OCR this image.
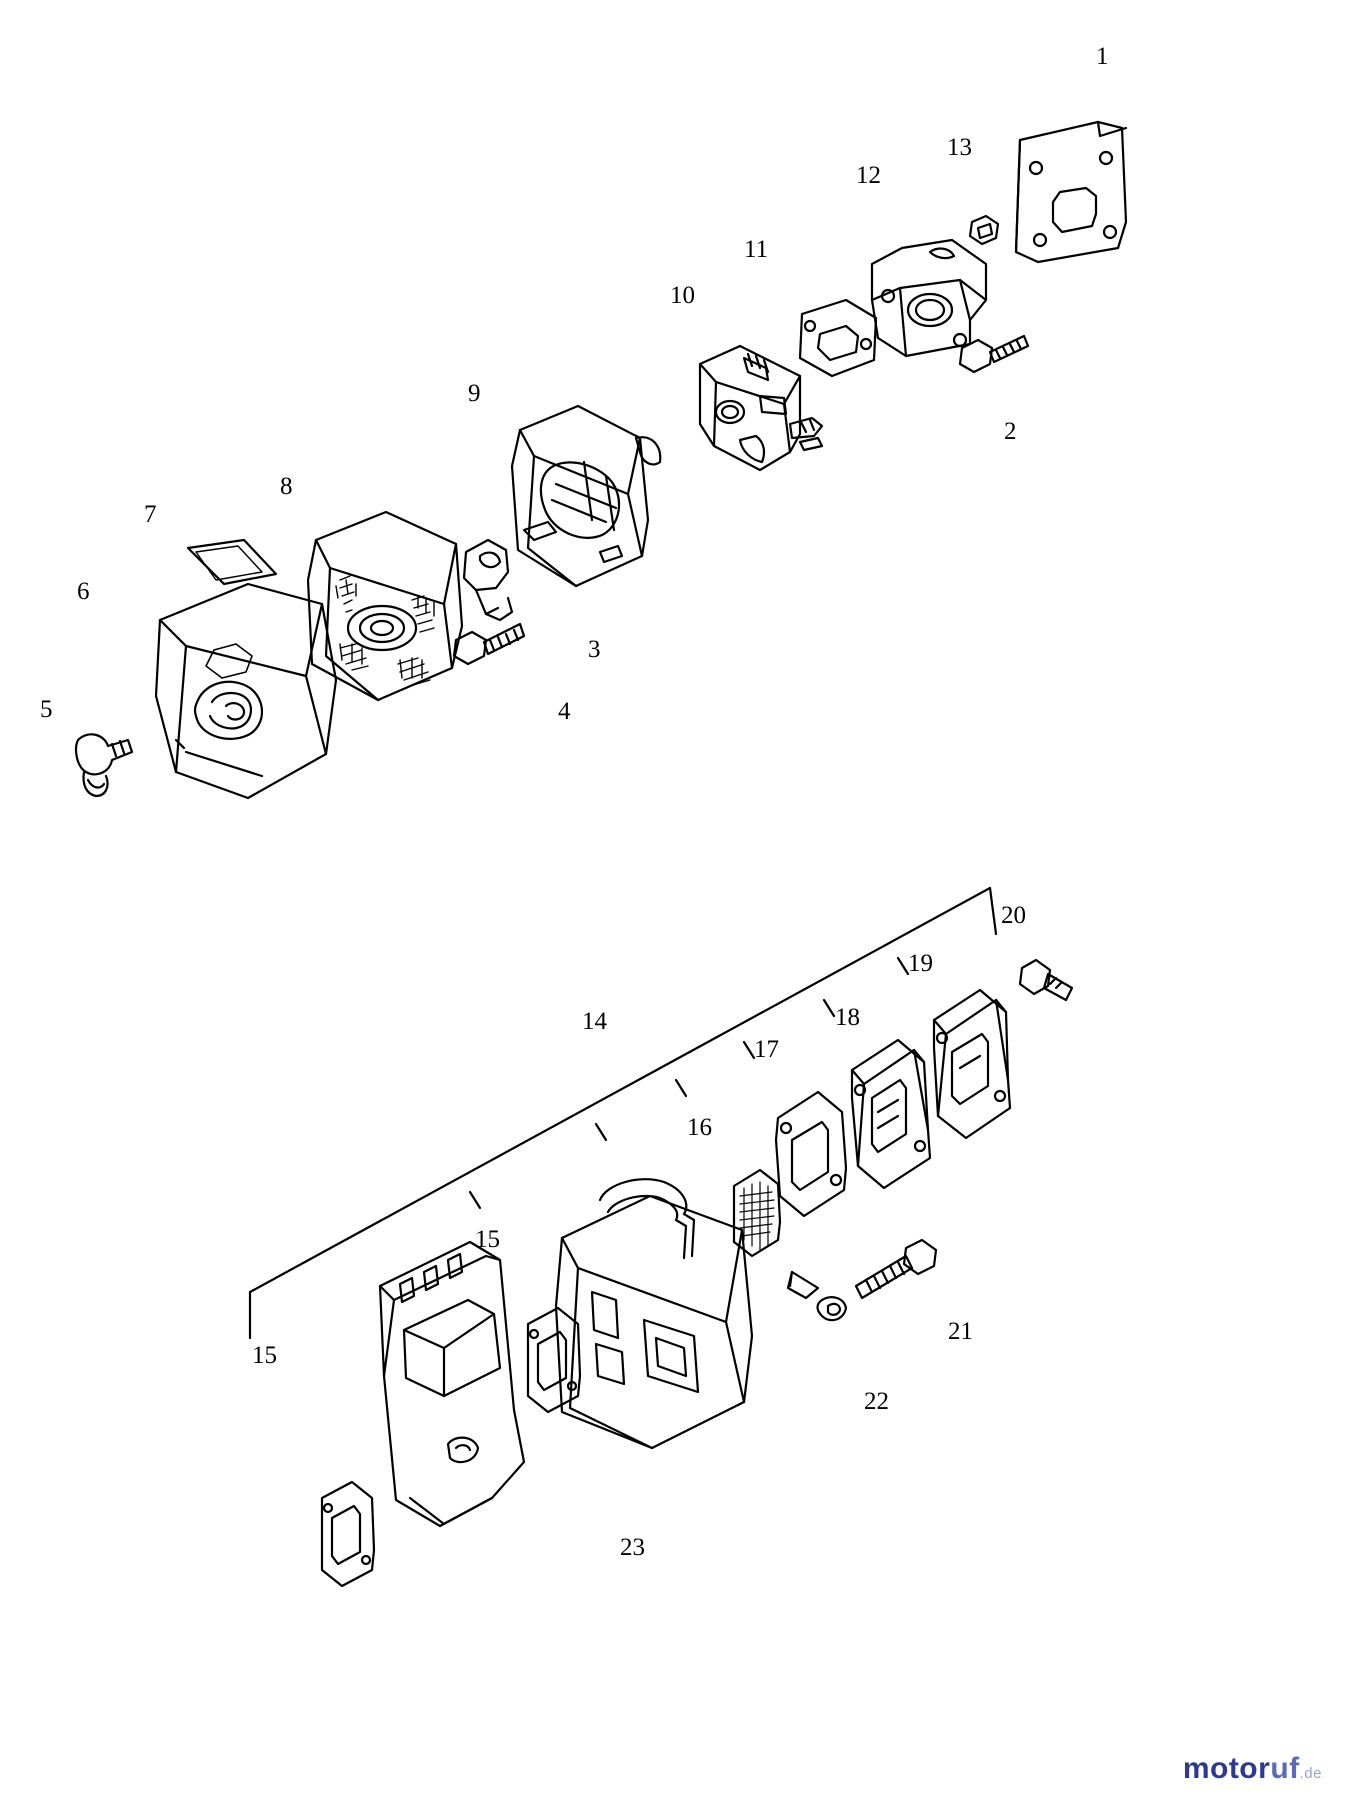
1
2
3
4
5
6
7
8
9
10
11
12
13
20
19
18
17
16
14
15
15
21
22
23
motoruf.de
